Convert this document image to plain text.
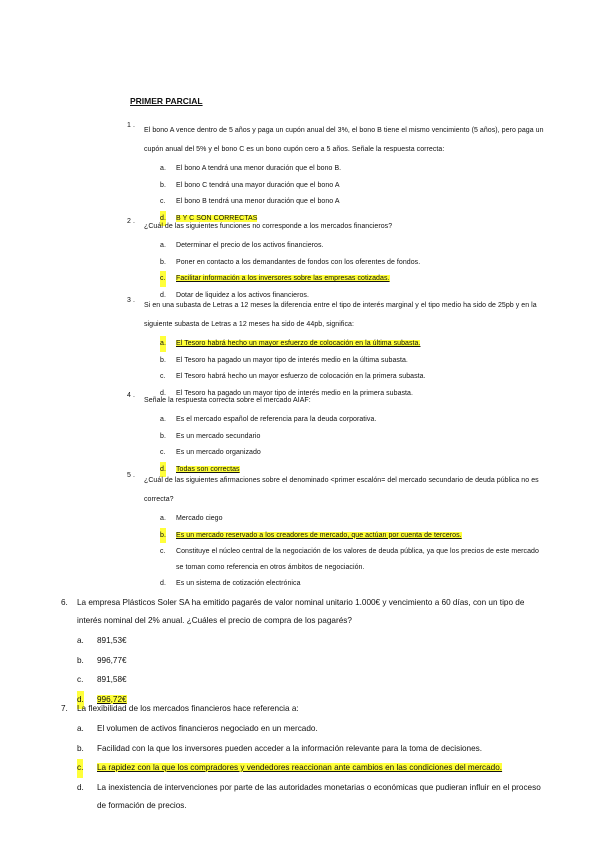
PRIMER PARCIAL
1 .
El bono A vence dentro de 5 años y paga un cupón anual del 3%, el bono B tiene el mismo vencimiento (5 años), pero paga un cupón anual del 5% y el bono C es un bono cupón cero a 5 años. Señale la respuesta correcta:
a. El bono A tendrá una menor duración que el bono B.
b. El bono C tendrá una mayor duración que el bono A
c. El bono B tendrá una menor duración que el bono A
d. B Y C SON CORRECTAS
2 .
¿Cuál de las siguientes funciones no corresponde a los mercados financieros?
a. Determinar el precio de los activos financieros.
b. Poner en contacto a los demandantes de fondos con los oferentes de fondos.
c. Facilitar información a los inversores sobre las empresas cotizadas.
d. Dotar de liquidez a los activos financieros.
3 .
Si en una subasta de Letras a 12 meses la diferencia entre el tipo de interés marginal y el tipo medio ha sido de 25pb y en la siguiente subasta de Letras a 12 meses ha sido de 44pb, significa:
a. El Tesoro habrá hecho un mayor esfuerzo de colocación en la última subasta.
b. El Tesoro ha pagado un mayor tipo de interés medio en la última subasta.
c. El Tesoro habrá hecho un mayor esfuerzo de colocación en la primera subasta.
d. El Tesoro ha pagado un mayor tipo de interés medio en la primera subasta.
4 .
Señale la respuesta correcta sobre el mercado AIAF:
a. Es el mercado español de referencia para la deuda corporativa.
b. Es un mercado secundario
c. Es un mercado organizado
d. Todas son correctas
5 .
¿Cuál de las siguientes afirmaciones sobre el denominado <primer escalón= del mercado secundario de deuda pública no es correcta?
a. Mercado ciego
b. Es un mercado reservado a los creadores de mercado, que actúan por cuenta de terceros.
c. Constituye el núcleo central de la negociación de los valores de deuda pública, ya que los precios de este mercado se toman como referencia en otros ámbitos de negociación.
d. Es un sistema de cotización electrónica
6. La empresa Plásticos Soler SA ha emitido pagarés de valor nominal unitario 1.000€ y vencimiento a 60 días, con un tipo de interés nominal del 2% anual. ¿Cuáles el precio de compra de los pagarés?
a. 891,53€
b. 996,77€
c. 891,58€
d. 996,72€
7. La flexibilidad de los mercados financieros hace referencia a:
a. El volumen de activos financieros negociado en un mercado.
b. Facilidad con la que los inversores pueden acceder a la información relevante para la toma de decisiones.
c. La rapidez con la que los compradores y vendedores reaccionan ante cambios en las condiciones del mercado.
d. La inexistencia de intervenciones por parte de las autoridades monetarias o económicas que pudieran influir en el proceso de formación de precios.
